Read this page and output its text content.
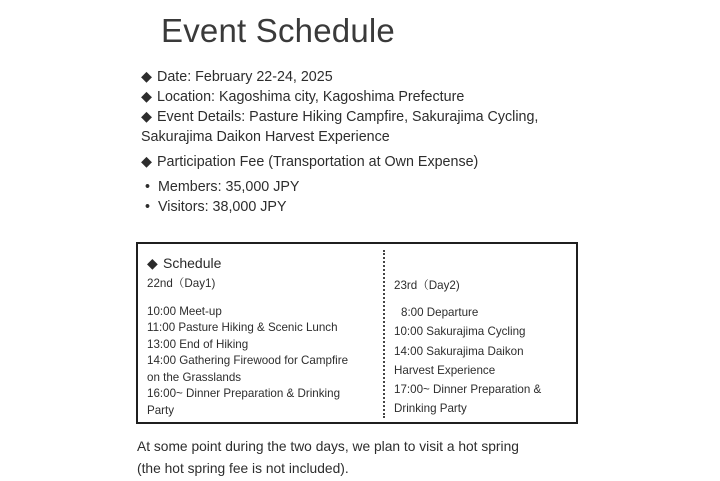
Event Schedule
◆ Date: February 22-24, 2025
◆ Location: Kagoshima city, Kagoshima Prefecture
◆ Event Details: Pasture Hiking Campfire, Sakurajima Cycling,
Sakurajima Daikon Harvest Experience
◆ Participation Fee (Transportation at Own Expense)
• Members: 35,000 JPY
• Visitors: 38,000 JPY
◆ Schedule
22nd（Day1)
10:00 Meet-up
11:00 Pasture Hiking & Scenic Lunch
13:00 End of Hiking
14:00 Gathering Firewood for Campfire
on the Grasslands
16:00~ Dinner Preparation & Drinking
Party
23rd（Day2)
8:00 Departure
10:00 Sakurajima Cycling
14:00 Sakurajima Daikon
Harvest Experience
17:00~ Dinner Preparation &
Drinking Party
At some point during the two days, we plan to visit a hot spring
(the hot spring fee is not included).
